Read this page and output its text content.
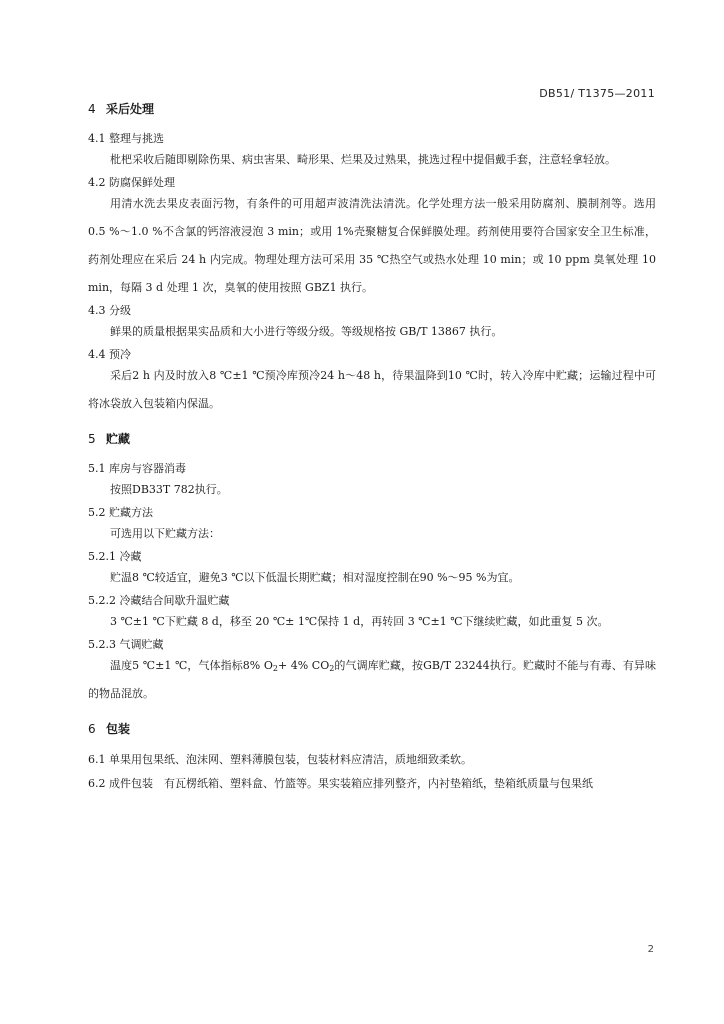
DB51/ T1375—2011
4 采后处理
4.1 整理与挑选
枇杷采收后随即剔除伤果、病虫害果、畸形果、烂果及过熟果，挑选过程中提倡戴手套，注意轻拿轻放。
4.2 防腐保鲜处理
用清水洗去果皮表面污物，有条件的可用超声波清洗法清洗。化学处理方法一般采用防腐剂、膜制剂等。选用 0.5 %～1.0 %不含氯的钙溶液浸泡 3 min；或用 1%壳聚糖复合保鲜膜处理。药剂使用要符合国家安全卫生标准，药剂处理应在采后 24 h 内完成。物理处理方法可采用 35 ℃热空气或热水处理 10 min；或 10 ppm 臭氧处理 10 min，每隔 3 d 处理 1 次，臭氧的使用按照 GBZ1 执行。
4.3 分级
鲜果的质量根据果实品质和大小进行等级分级。等级规格按 GB/T 13867 执行。
4.4 预冷
采后2 h 内及时放入8 ℃±1 ℃预冷库预冷24 h～48 h，待果温降到10 ℃时，转入冷库中贮藏；运输过程中可将冰袋放入包装箱内保温。
5 贮藏
5.1 库房与容器消毒
按照DB33T 782执行。
5.2 贮藏方法
可选用以下贮藏方法：
5.2.1 冷藏
贮温8 ℃较适宜，避免3 ℃以下低温长期贮藏；相对湿度控制在90 %～95 %为宜。
5.2.2 冷藏结合间歇升温贮藏
3 ℃±1 ℃下贮藏 8 d，移至 20 ℃± 1℃保持 1 d，再转回 3 ℃±1 ℃下继续贮藏，如此重复 5 次。
5.2.3 气调贮藏
温度5 ℃±1 ℃，气体指标8% $O_2+ 4\%$ $CO_2$的气调库贮藏，按GB/T 23244执行。贮藏时不能与有毒、有异味的物品混放。
6 包装
6.1 单果用包果纸、泡沫网、塑料薄膜包装，包装材料应清洁，质地细致柔软。
6.2 成件包装　有瓦楞纸箱、塑料盒、竹篮等。果实装箱应排列整齐，内衬垫箱纸，垫箱纸质量与包果纸
2
